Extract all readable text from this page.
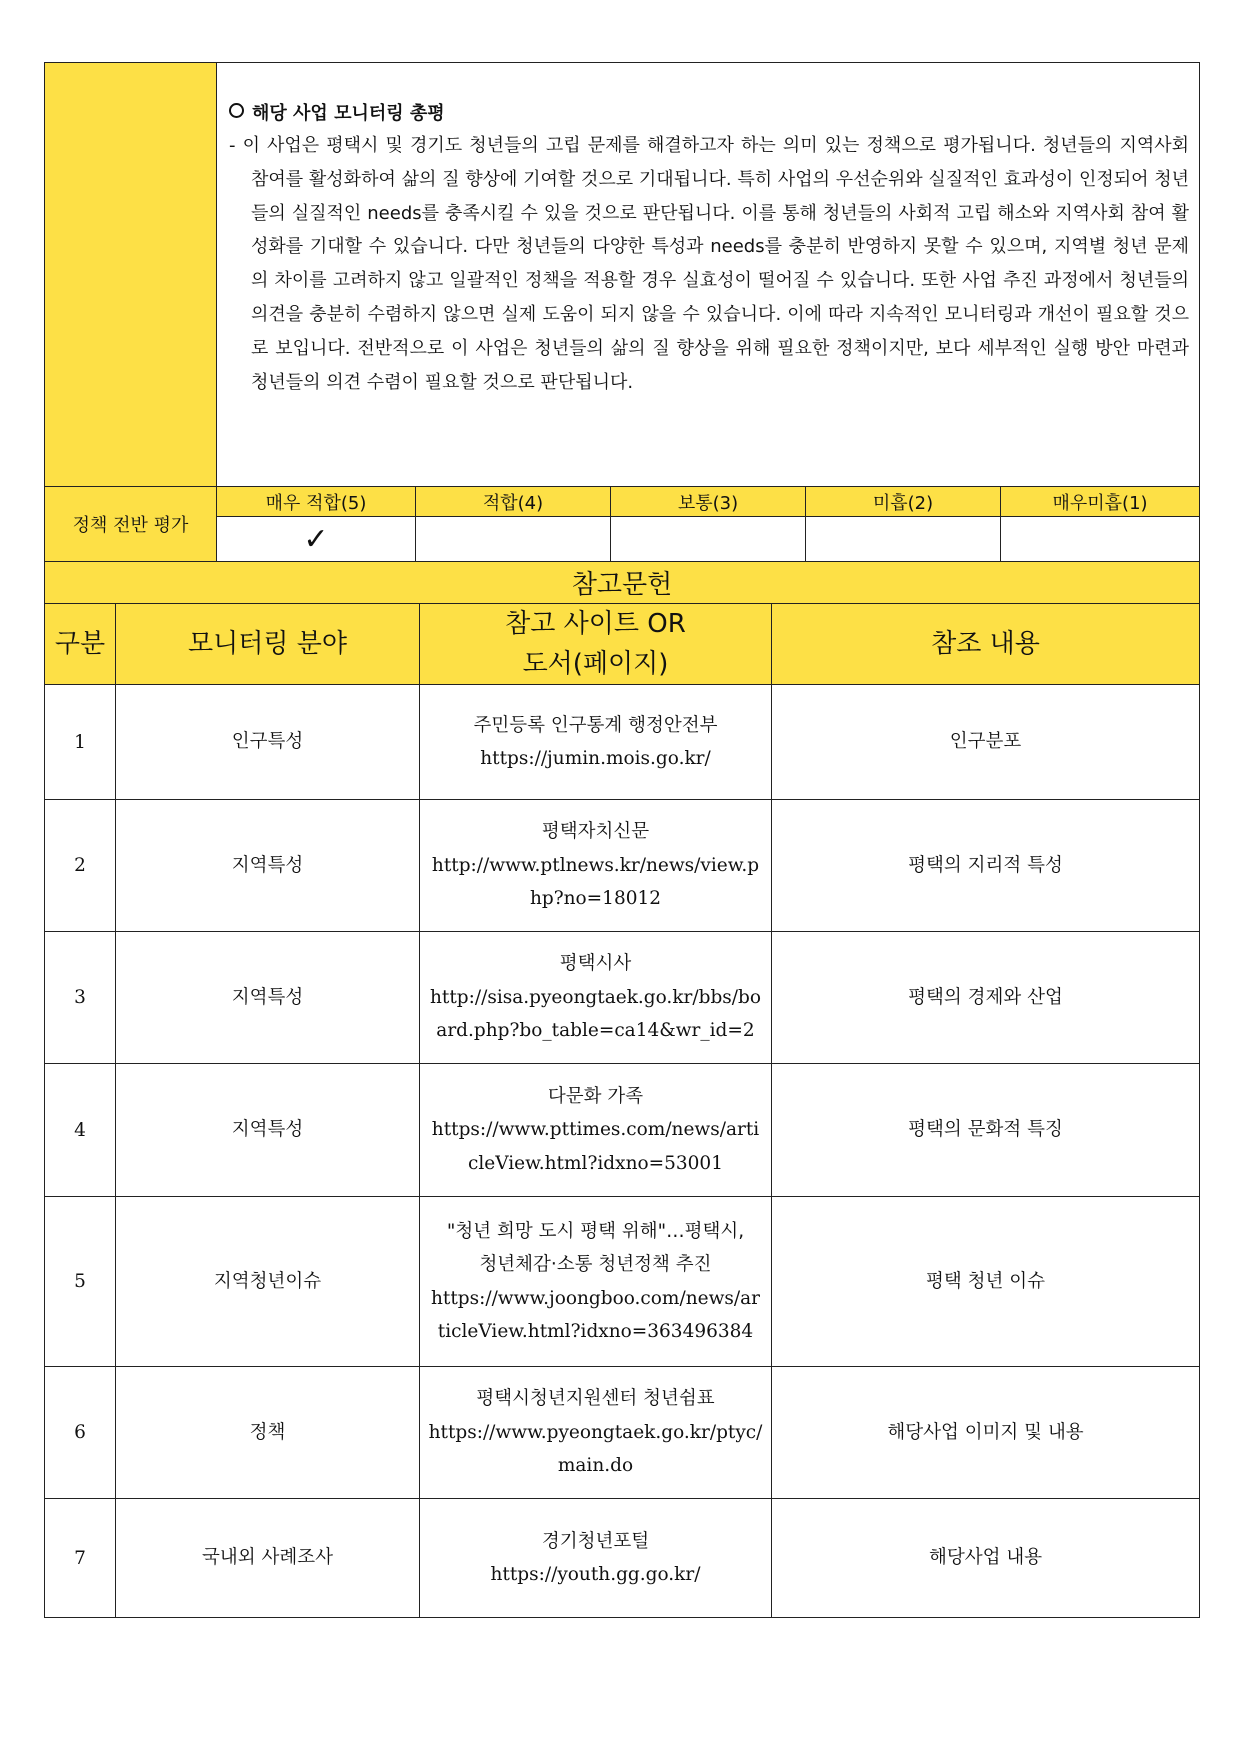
	해당 사업 모니터링 총평

- 이 사업은 평택시 및 경기도 청년들의 고립 문제를 해결하고자 하는 의미 있는 정책으로 평가됩니다. 청년들의 지역사회 참여를 활성화하여 삶의 질 향상에 기여할 것으로 기대됩니다. 특히 사업의 우선순위와 실질적인 효과성이 인정되어 청년들의 실질적인 needs를 충족시킬 수 있을 것으로 판단됩니다. 이를 통해 청년들의 사회적 고립 해소와 지역사회 참여 활성화를 기대할 수 있습니다. 다만 청년들의 다양한 특성과 needs를 충분히 반영하지 못할 수 있으며, 지역별 청년 문제의 차이를 고려하지 않고 일괄적인 정책을 적용할 경우 실효성이 떨어질 수 있습니다. 또한 사업 추진 과정에서 청년들의 의견을 충분히 수렴하지 않으면 실제 도움이 되지 않을 수 있습니다. 이에 따라 지속적인 모니터링과 개선이 필요할 것으로 보입니다. 전반적으로 이 사업은 청년들의 삶의 질 향상을 위해 필요한 정책이지만, 보다 세부적인 실행 방안 마련과 청년들의 의견 수렴이 필요할 것으로 판단됩니다.				

정책 전반 평가	매우 적합(5)	적합(4)	보통(3)	미흡(2)	매우미흡(1)
	✓				
참고문헌			
구분	모니터링 분야	참고 사이트 OR
도서(페이지)	참조 내용
1	인구특성	주민등록 인구통계 행정안전부
https://jumin.mois.go.kr/	인구분포
2	지역특성	평택자치신문
http://www.ptlnews.kr/news/view.php?no=18012	평택의 지리적 특성
3	지역특성	평택시사
http://sisa.pyeongtaek.go.kr/bbs/board.php?bo_table=ca14&wr_id=2	평택의 경제와 산업
4	지역특성	다문화 가족
https://www.pttimes.com/news/articleView.html?idxno=53001	평택의 문화적 특징
5	지역청년이슈	"청년 희망 도시 평택 위해"…평택시,
청년체감·소통 청년정책 추진
https://www.joongboo.com/news/articleView.html?idxno=363496384	평택 청년 이슈
6	정책	평택시청년지원센터 청년쉼표
https://www.pyeongtaek.go.kr/ptyc/main.do	해당사업 이미지 및 내용
7	국내외 사례조사	경기청년포털
https://youth.gg.go.kr/	해당사업 내용
